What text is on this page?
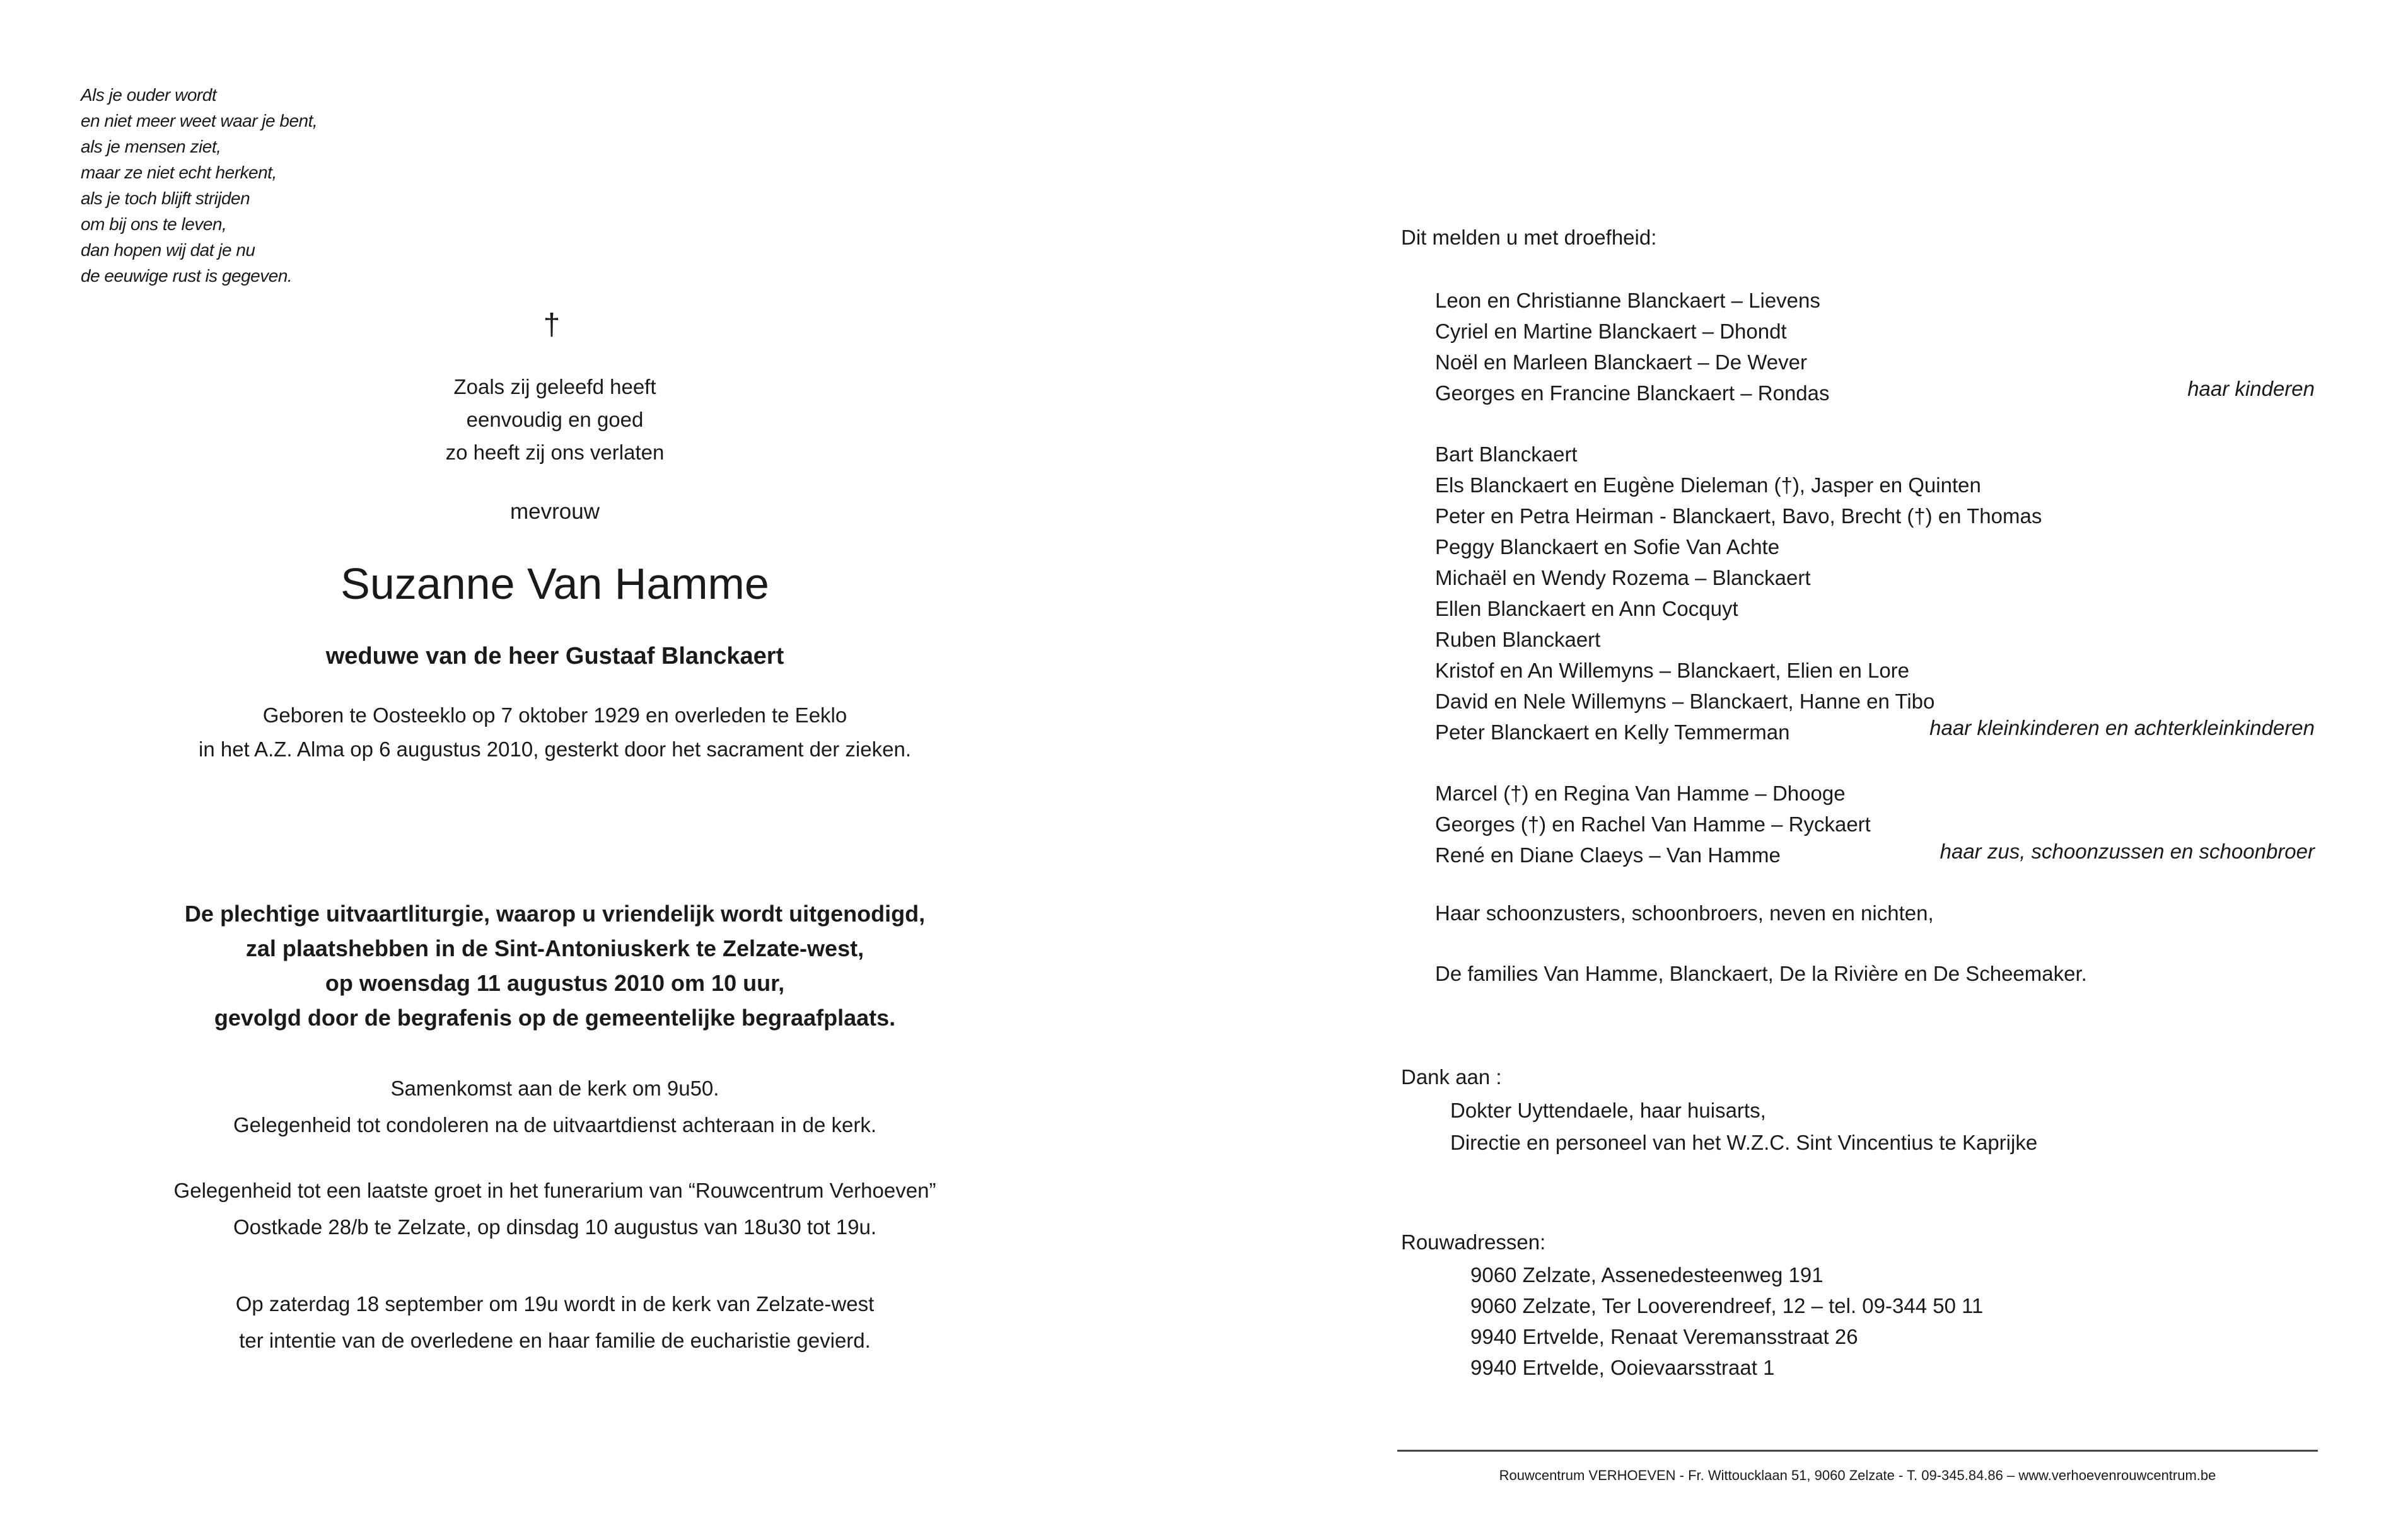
Als je ouder wordt
en niet meer weet waar je bent,
als je mensen ziet,
maar ze niet echt herkent,
als je toch blijft strijden
om bij ons te leven,
dan hopen wij dat je nu
de eeuwige rust is gegeven.
†
Zoals zij geleefd heeft
eenvoudig en goed
zo heeft zij ons verlaten
mevrouw
Suzanne Van Hamme
weduwe van de heer Gustaaf Blanckaert
Geboren te Oosteeklo op 7 oktober 1929 en overleden te Eeklo
in het A.Z. Alma op 6 augustus 2010, gesterkt door het sacrament der zieken.
De plechtige uitvaartliturgie, waarop u vriendelijk wordt uitgenodigd,
zal plaatshebben in de Sint-Antoniuskerk te Zelzate-west,
op woensdag 11 augustus 2010 om 10 uur,
gevolgd door de begrafenis op de gemeentelijke begraafplaats.
Samenkomst aan de kerk om 9u50.
Gelegenheid tot condoleren na de uitvaartdienst achteraan in de kerk.
Gelegenheid tot een laatste groet in het funerarium van “Rouwcentrum Verhoeven”
Oostkade 28/b te Zelzate, op dinsdag 10 augustus van 18u30 tot 19u.
Op zaterdag 18 september om 19u wordt in de kerk van Zelzate-west
ter intentie van de overledene en haar familie de eucharistie gevierd.
Dit melden u met droefheid:
Leon en Christianne Blanckaert – Lievens
Cyriel en Martine Blanckaert – Dhondt
Noël en Marleen Blanckaert – De Wever
Georges en Francine Blanckaert – Rondas	haar kinderen
Bart Blanckaert
Els Blanckaert en Eugène Dieleman (†), Jasper en Quinten
Peter en Petra Heirman - Blanckaert, Bavo, Brecht (†) en Thomas
Peggy Blanckaert en Sofie Van Achte
Michaël en Wendy Rozema – Blanckaert
Ellen Blanckaert en Ann Cocquyt
Ruben Blanckaert
Kristof en An Willemyns – Blanckaert, Elien en Lore
David en Nele Willemyns – Blanckaert, Hanne en Tibo
Peter Blanckaert en Kelly Temmerman	haar kleinkinderen en achterkleinkinderen
Marcel (†) en Regina Van Hamme – Dhooge
Georges (†) en Rachel Van Hamme – Ryckaert
René en Diane Claeys – Van Hamme	haar zus, schoonzussen en schoonbroer
Haar schoonzusters, schoonbroers, neven en nichten,
De families Van Hamme, Blanckaert, De la Rivière en De Scheemaker.
Dank aan :
Dokter Uyttendaele, haar huisarts,
Directie en personeel van het W.Z.C. Sint Vincentius te Kaprijke
Rouwadressen:
9060 Zelzate, Assenedesteenweg 191
9060 Zelzate, Ter Looverendreef, 12 – tel. 09-344 50 11
9940 Ertvelde, Renaat Veremansstraat 26
9940 Ertvelde, Ooievaarsstraat 1
Rouwcentrum VERHOEVEN - Fr. Wittoucklaan 51, 9060 Zelzate - T. 09-345.84.86 – www.verhoevenrouwcentrum.be
